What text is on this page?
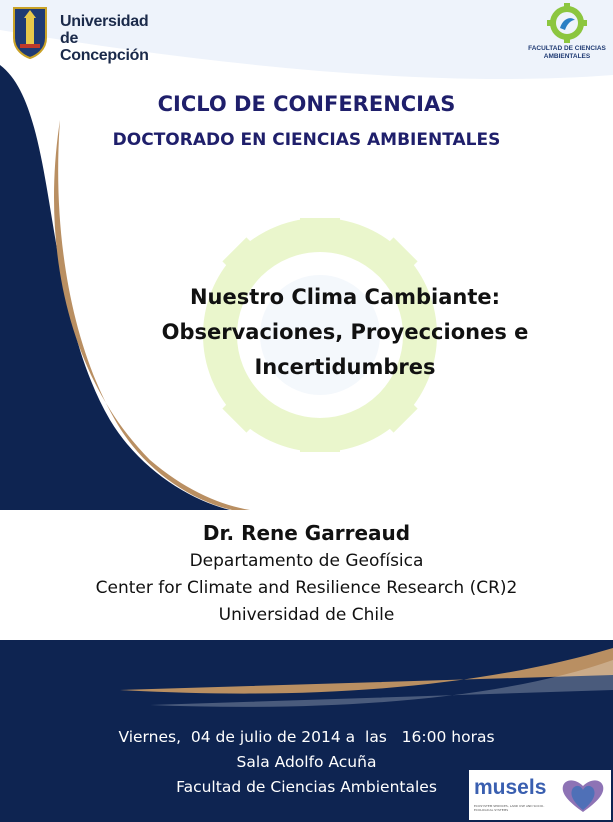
Universidad
de Concepción	FACULTAD DE CIENCIAS AMBIENTALES
CICLO DE CONFERENCIAS
DOCTORADO EN CIENCIAS AMBIENTALES
Nuestro Clima Cambiante:
Observaciones, Proyecciones e
Incertidumbres
Dr. Rene Garreaud
Departamento de Geofísica
Center for Climate and Resilience Research (CR)2
Universidad de Chile
Viernes,  04 de julio de 2014 a  las   16:00 horas
Sala Adolfo Acuña
Facultad de Ciencias Ambientales	musels
ECOSYSTEM SERVICES, LAND USE AND SOCIO-ECOLOGICAL SYSTEMS
